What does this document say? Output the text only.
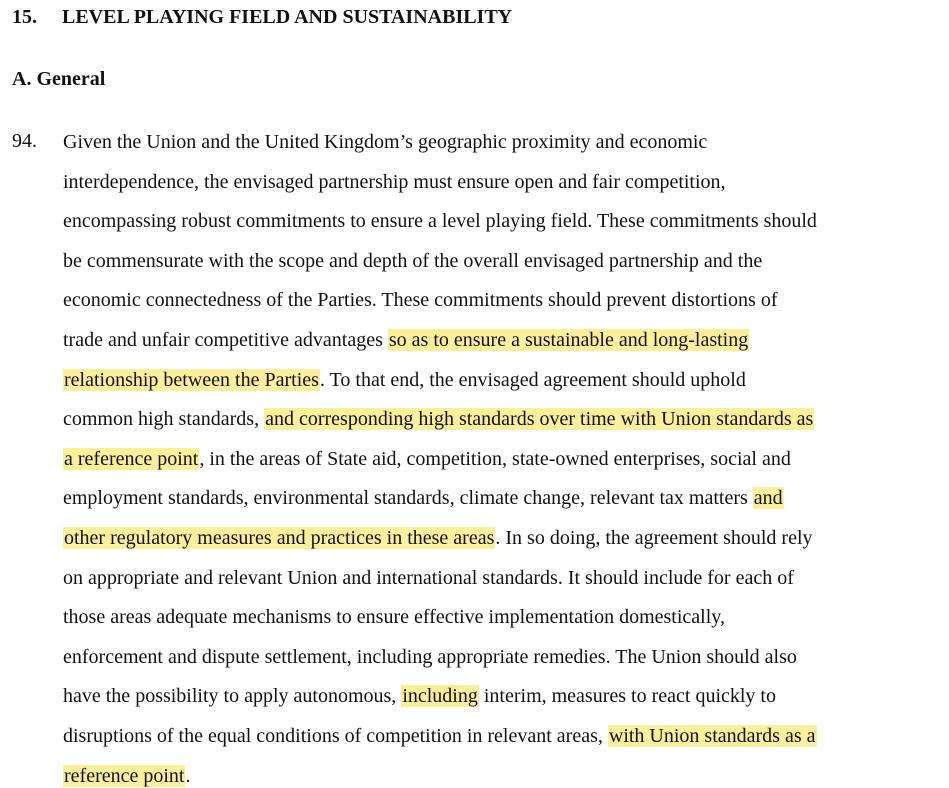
15. LEVEL PLAYING FIELD AND SUSTAINABILITY
A. General
94. Given the Union and the United Kingdom’s geographic proximity and economic
interdependence, the envisaged partnership must ensure open and fair competition,
encompassing robust commitments to ensure a level playing field. These commitments should
be commensurate with the scope and depth of the overall envisaged partnership and the
economic connectedness of the Parties. These commitments should prevent distortions of
trade and unfair competitive advantages so as to ensure a sustainable and long-lasting
relationship between the Parties. To that end, the envisaged agreement should uphold
common high standards, and corresponding high standards over time with Union standards as
a reference point, in the areas of State aid, competition, state-owned enterprises, social and
employment standards, environmental standards, climate change, relevant tax matters and
other regulatory measures and practices in these areas. In so doing, the agreement should rely
on appropriate and relevant Union and international standards. It should include for each of
those areas adequate mechanisms to ensure effective implementation domestically,
enforcement and dispute settlement, including appropriate remedies. The Union should also
have the possibility to apply autonomous, including interim, measures to react quickly to
disruptions of the equal conditions of competition in relevant areas, with Union standards as a
reference point.
